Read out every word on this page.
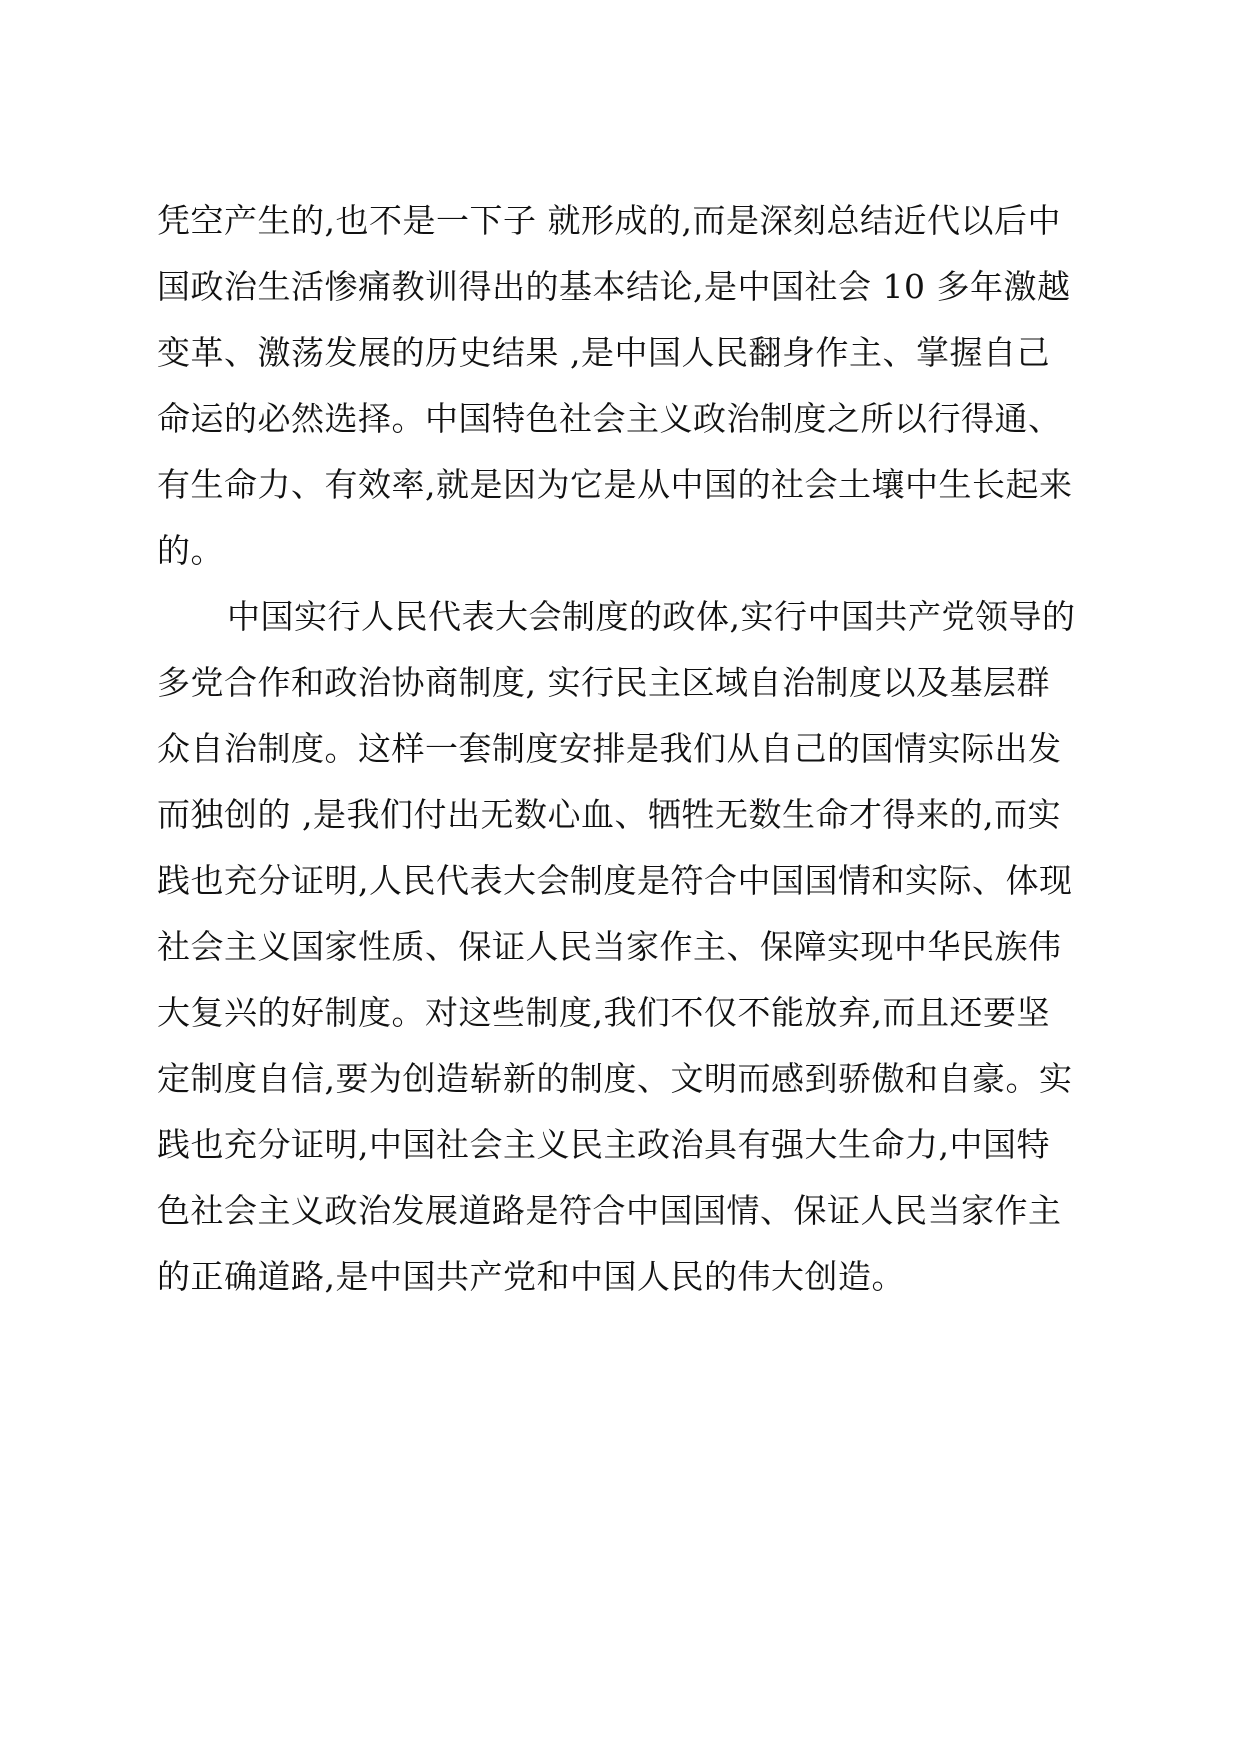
凭空产生的,也不是一下子 就形成的,而是深刻总结近代以后中
国政治生活惨痛教训得出的基本结论,是中国社会 10 多年激越
变革、激荡发展的历史结果 ,是中国人民翻身作主、掌握自己
命运的必然选择。中国特色社会主义政治制度之所以行得通、
有生命力、有效率,就是因为它是从中国的社会土壤中生长起来
的。
中国实行人民代表大会制度的政体,实行中国共产党领导的
多党合作和政治协商制度, 实行民主区域自治制度以及基层群
众自治制度。这样一套制度安排是我们从自己的国情实际出发
而独创的 ,是我们付出无数心血、牺牲无数生命才得来的,而实
践也充分证明,人民代表大会制度是符合中国国情和实际、体现
社会主义国家性质、保证人民当家作主、保障实现中华民族伟
大复兴的好制度。对这些制度,我们不仅不能放弃,而且还要坚
定制度自信,要为创造崭新的制度、文明而感到骄傲和自豪。实
践也充分证明,中国社会主义民主政治具有强大生命力,中国特
色社会主义政治发展道路是符合中国国情、保证人民当家作主
的正确道路,是中国共产党和中国人民的伟大创造。
